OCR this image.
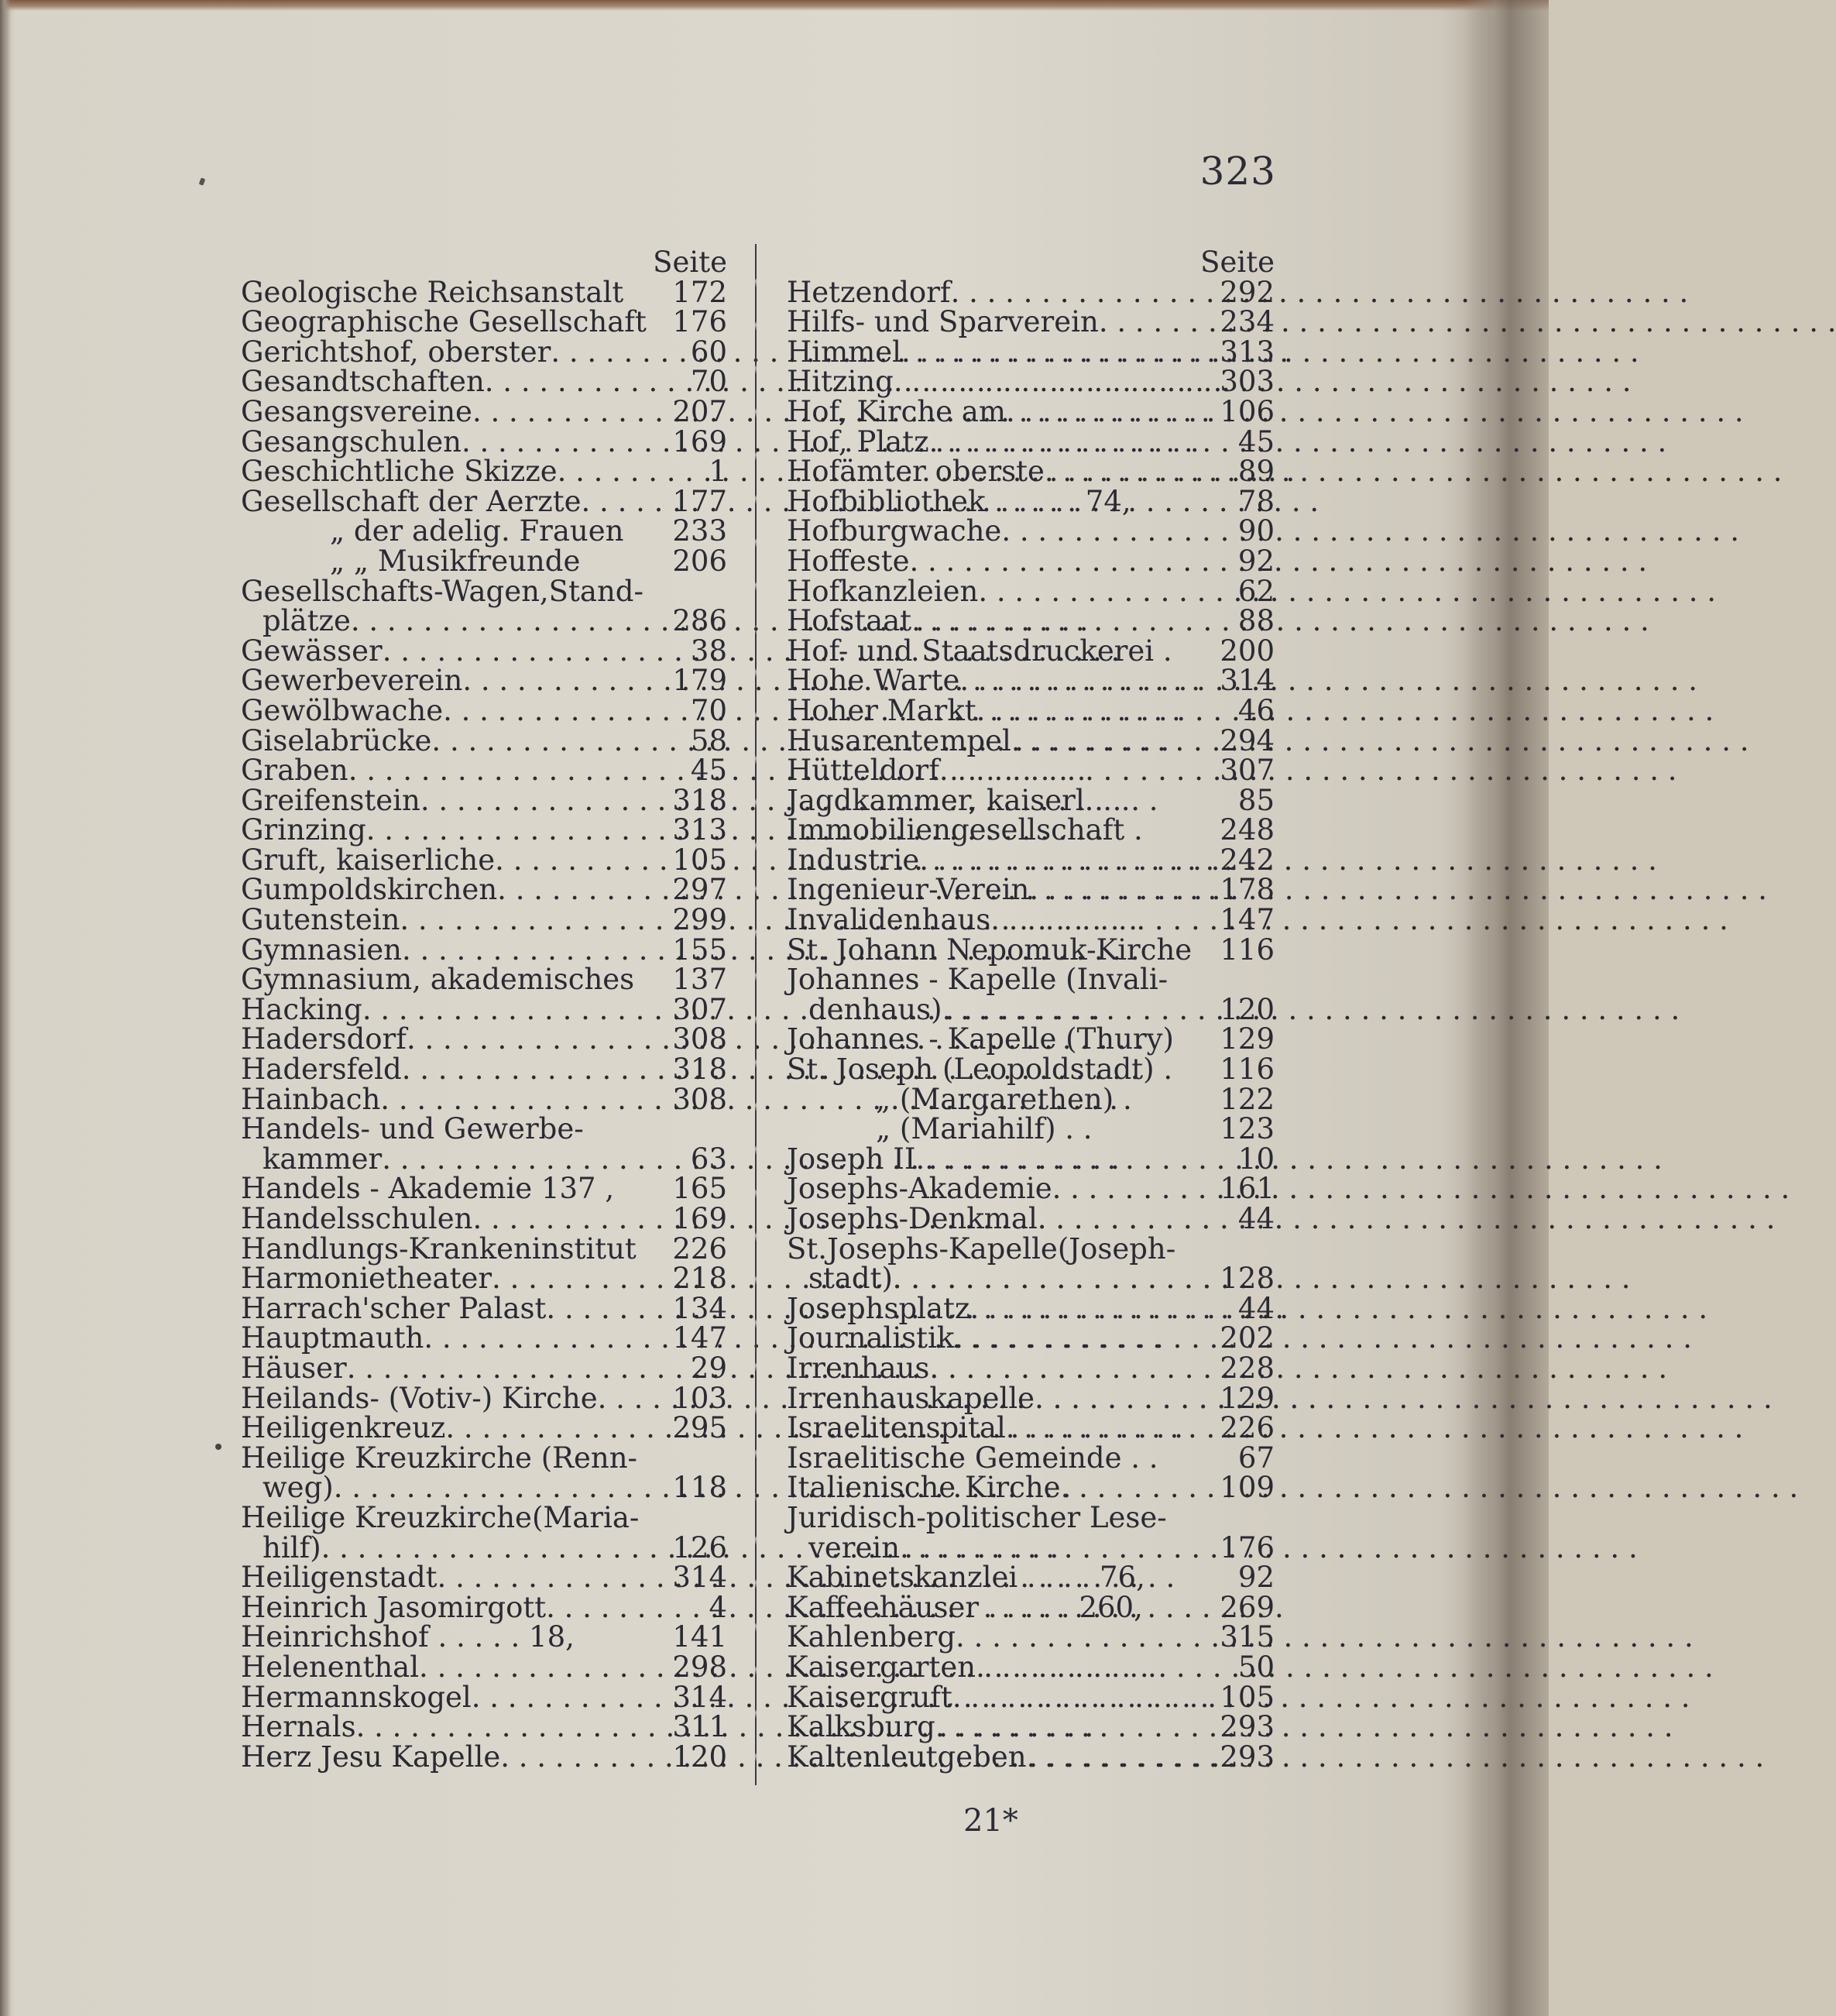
323
Seite
Geologische Reichsanstalt 172
Geographische Gesellschaft 176
Gerichtshof, oberster . . .	60
Gesandtschaften . . .	70
Gesangsvereine . . .	207
Gesangschulen . . .	169
Geschichtliche Skizze . . .	1
Gesellschaft der Aerzte . . .	177
„ der adelig. Frauen 233
„ „ Musikfreunde	206
Gesellschafts-Wagen,Stand-
plätze . . .	286
Gewässer . . .	38
Gewerbeverein . . .	179
Gewölbwache . . .	70
Giselabrücke . . .	58
Graben . . .	45
Greifenstein . . .	318
Grinzing . . .	313
Gruft, kaiserliche . . .	105
Gumpoldskirchen . . .	297
Gutenstein . . .	299
Gymnasien . . .	155
Gymnasium, akademisches 137
Hacking . . .	307
Hadersdorf . . .	308
Hadersfeld . . .	318
Hainbach . . .	308
Handels- und Gewerbe-
kammer . . .	63
Handels - Akademie 137 , 165
Handelsschulen . . .	169
Handlungs-Krankeninstitut 226
Harmonietheater . . .	218
Harrach'scher Palast . . .	134
Hauptmauth . . .	147
Häuser . . .	29
Heilands- (Votiv-) Kirche . . .	103
Heiligenkreuz . . .	295
Heilige Kreuzkirche (Renn-
weg) . . .	118
Heilige Kreuzkirche(Maria-
hilf) . . .	126
Heiligenstadt . . .	314
Heinrich Jasomirgott . . .	4
Heinrichshof . . . . . 18,	141
Helenenthal . . .	298
Hermannskogel . . .	314
Hernals . . .	311
Herz Jesu Kapelle . . .	120
Seite
Hetzendorf . . .	292
Hilfs- und Sparverein . . .	234
Himmel . . .	313
Hitzing . . .	303
Hof, Kirche am . . .	106
Hof, Platz . . .	45
Hofämter oberste . . .	89
Hofbibliothek . . . . . 74,	78
Hofburgwache . . .	90
Hoffeste . . .	92
Hofkanzleien . . .	62
Hofstaat . . .	88
Hof- und Staatsdruckerei . 200
Hohe Warte . . .	314
Hoher Markt . . .	46
Husarentempel . . .	294
Hütteldorf . . .	307
Jagdkammer, kaiserl. . .	85
Immobiliengesellschaft .	248
Industrie . . .	242
Ingenieur-Verein . . .	178
Invalidenhaus . . .	147
St. Johann Nepomuk-Kirche 116
Johannes - Kapelle (Invali-
denhaus) . . .	120
Johannes - Kapelle (Thury) 129
St. Joseph (Leopoldstadt) . 116
„ (Margarethen) .	122
„ (Mariahilf) . .	123
Joseph II. . . .	10
Josephs-Akademie . . .	161
Josephs-Denkmal . . .	44
St.Josephs-Kapelle(Joseph-
stadt) . . .	128
Josephsplatz . . .	44
Journalistik . . .	202
Irrenhaus . . .	228
Irrenhauskapelle . . .	129
Israelitenspital . . .	226
Israelitische Gemeinde . .	67
Italienische Kirche . . .	109
Juridisch-politischer Lese-
verein . . .	176
Kabinetskanzlei . . . . 76,	92
Kaffeehäuser . . . . . 260,	269
Kahlenberg . . .	315
Kaisergarten . . .	50
Kaisergruft . . .	105
Kalksburg . . .	293
Kaltenleutgeben . . .	293
21*
